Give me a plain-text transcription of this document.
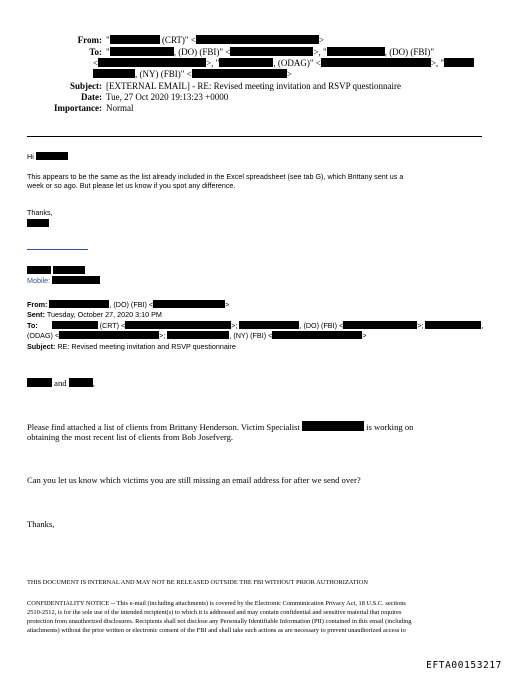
From: "	(CRT)" <	>
To: "	, (DO) (FBI)" <	>, "	, (DO) (FBI)"
<	>, "	, (ODAG)" <	>, "
, (NY) (FBI)" <	>
Subject: [EXTERNAL EMAIL] - RE: Revised meeting invitation and RSVP questionnaire
Date: Tue, 27 Oct 2020 19:13:23 +0000
Importance: Normal
Hi
This appears to be the same as the list already included in the Excel spreadsheet (see tab G), which Brittany sent us a
week or so ago. But please let us know if you spot any difference.
Thanks,
Mobile:
From:	, (DO) (FBI) <	>
Sent: Tuesday, October 27, 2020 3:10 PM
To:	(CRT) <	>;	, (DO) (FBI) <	>;	,
(ODAG) <	>;	, (NY) (FBI) <	>
Subject: RE: Revised meeting invitation and RSVP questionnaire
and	,
Please find attached a list of clients from Brittany Henderson. Victim Specialist	is working on
obtaining the most recent list of clients from Bob Josefverg.
Can you let us know which victims you are still missing an email address for after we send over?
Thanks,
THIS DOCUMENT IS INTERNAL AND MAY NOT BE RELEASED OUTSIDE THE FBI WITHOUT PRIOR AUTHORIZATION
CONFIDENTIALITY NOTICE -- This e-mail (including attachments) is covered by the Electronic Communication Privacy Act, 18 U.S.C. sections
2510-2512, is for the sole use of the intended recipient(s) to which it is addressed and may contain confidential and sensitive material that requires
protection from unauthorized disclosures. Recipients shall not disclose any Personally Identifiable Information (PII) contained in this email (including
attachments) without the prior written or electronic consent of the FBI and shall take such actions as are necessary to prevent unauthorized access to
EFTA00153217
